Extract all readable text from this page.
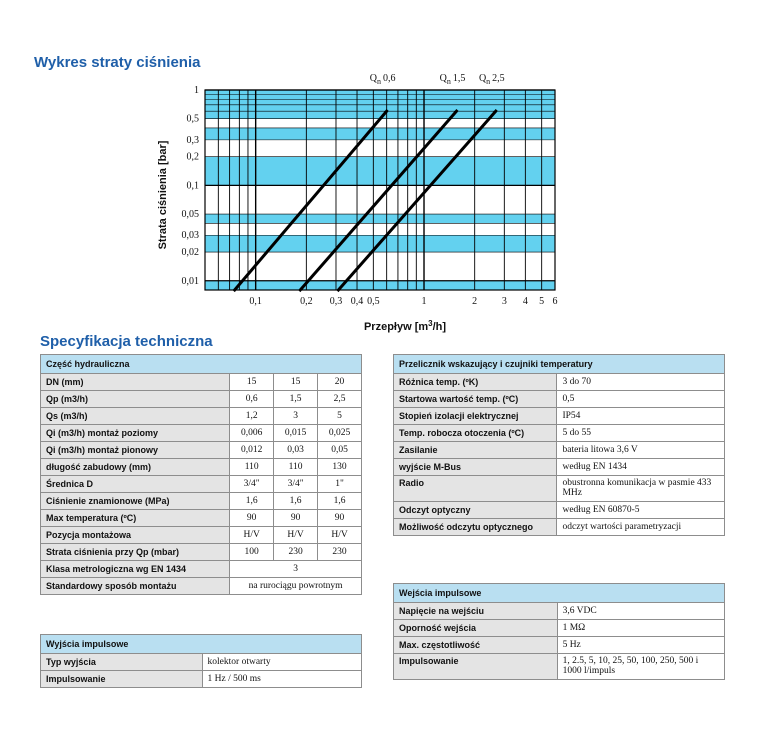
Wykres straty ciśnienia
1
0,5
0,3
0,2
0,1
0,05
0,03
0,02
0,01
0,1	0,2 0,3 0,4 0,5	1	2 3 4 5 6
$Q_n$ 0,6	$Q_n$ 1,5 $Q_n$ 2,5
Strata ciśnienia [bar]
Przepływ $[m^3/h]$
Specyfikacja techniczna
Część hydrauliczna			
DN (mm)	15	15	20
Qp (m3/h)	0,6	1,5	2,5
Qs (m3/h)	1,2	3	5
Qi (m3/h) montaż poziomy	0,006	0,015	0,025
Qi (m3/h) montaż pionowy	0,012	0,03	0,05
długość zabudowy (mm)	110	110	130
Średnica D	3/4"	3/4"	1"
Ciśnienie znamionowe (MPa)	1,6	1,6	1,6
Max temperatura (ºC)	90	90	90
Pozycja montażowa	H/V	H/V	H/V
Strata ciśnienia przy Qp (mbar)	100	230	230
Klasa metrologiczna wg EN 1434	3		
Standardowy sposób montażu	na rurociągu powrotnym		
Wyjścia impulsowe	
Typ wyjścia	kolektor otwarty
Impulsowanie	1 Hz / 500 ms
Przelicznik wskazujący i czujniki temperatury	
Różnica temp. (ºK)	3 do 70
Startowa wartość temp. (ºC)	0,5
Stopień izolacji elektrycznej	IP54
Temp. robocza otoczenia (ºC)	5 do 55
Zasilanie	bateria litowa 3,6 V
wyjście M-Bus	według EN 1434
Radio	obustronna komunikacja w pasmie 433 MHz
Odczyt optyczny	według EN 60870-5
Możliwość odczytu optycznego	odczyt wartości parametryzacji
Wejścia impulsowe	
Napięcie na wejściu	3,6 VDC
Oporność wejścia	1 MΩ
Max. częstotliwość	5 Hz
Impulsowanie	1, 2.5, 5, 10, 25, 50, 100, 250, 500 i 1000 l/impuls
